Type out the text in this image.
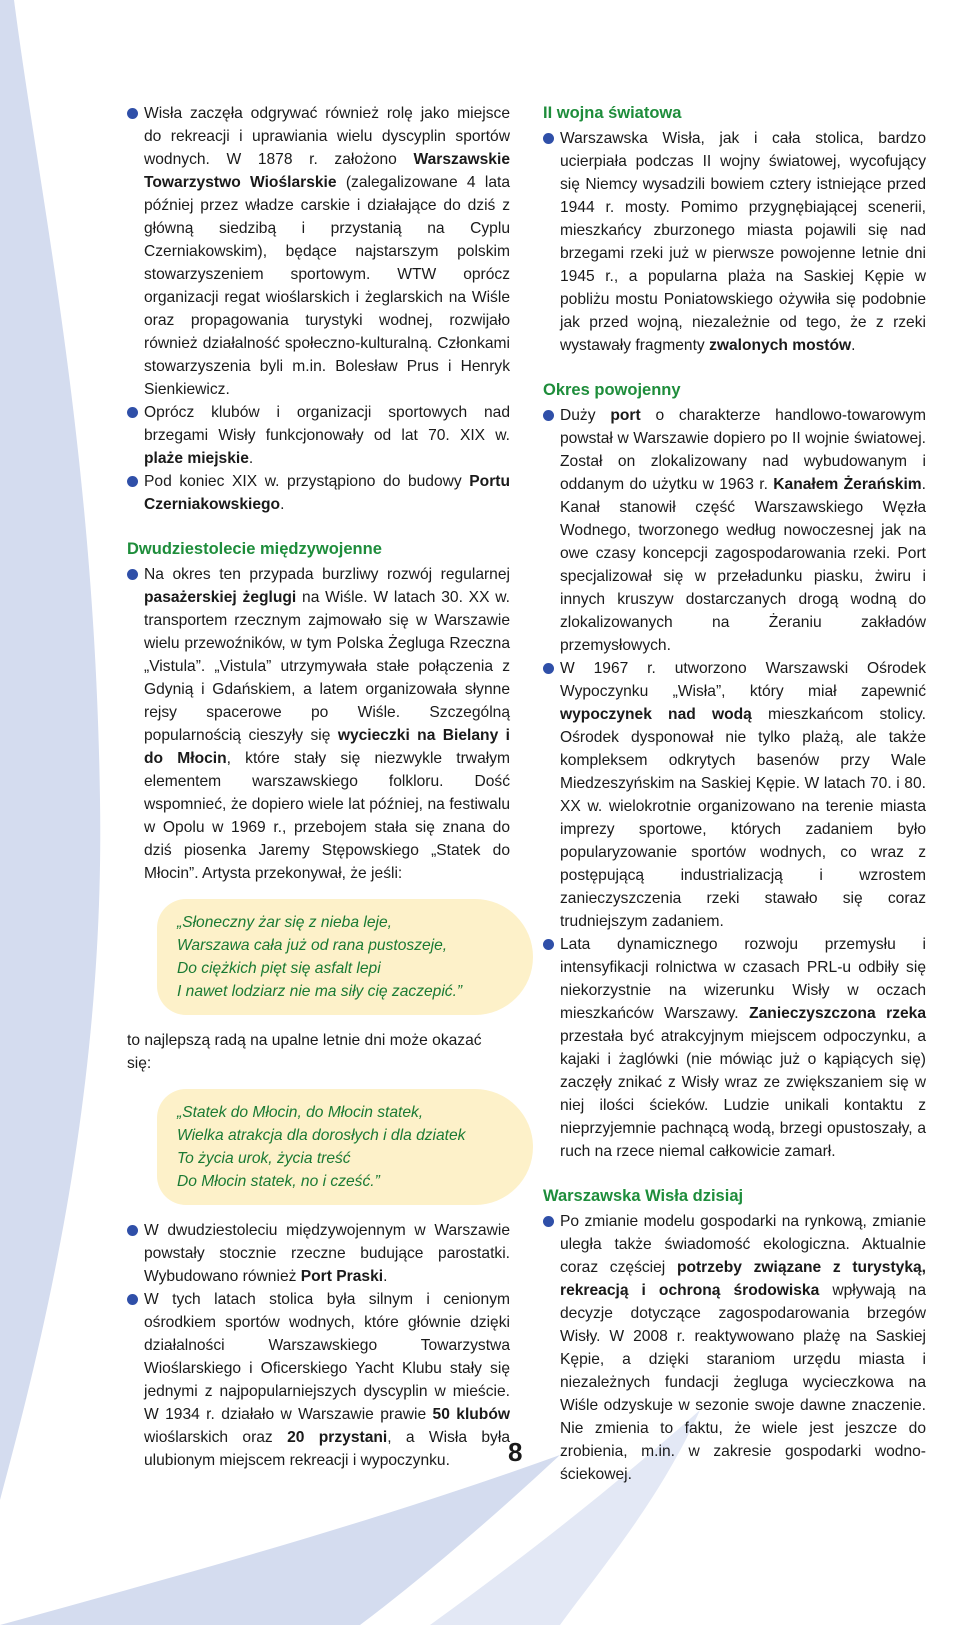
Wisła zaczęła odgrywać również rolę jako miejsce do rekreacji i uprawiania wielu dyscyplin sportów wodnych. W 1878 r. założono Warszawskie Towarzystwo Wioślarskie (zalegalizowane 4 lata później przez władze carskie i działające do dziś z główną siedzibą i przystanią na Cyplu Czerniakowskim), będące najstarszym polskim stowarzyszeniem sportowym. WTW oprócz organizacji regat wioślarskich i żeglarskich na Wiśle oraz propagowania turystyki wodnej, rozwijało również działalność społeczno-kulturalną. Członkami stowarzyszenia byli m.in. Bolesław Prus i Henryk Sienkiewicz.
Oprócz klubów i organizacji sportowych nad brzegami Wisły funkcjonowały od lat 70. XIX w. plaże miejskie.
Pod koniec XIX w. przystąpiono do budowy Portu Czerniakowskiego.
Dwudziestolecie międzywojenne
Na okres ten przypada burzliwy rozwój regularnej pasażerskiej żeglugi na Wiśle. W latach 30. XX w. transportem rzecznym zajmowało się w Warszawie wielu przewoźników, w tym Polska Żegluga Rzeczna „Vistula”. „Vistula” utrzymywała stałe połączenia z Gdynią i Gdańskiem, a latem organizowała słynne rejsy spacerowe po Wiśle. Szczególną popularnością cieszyły się wycieczki na Bielany i do Młocin, które stały się niezwykle trwałym elementem warszawskiego folkloru. Dość wspomnieć, że dopiero wiele lat później, na festiwalu w Opolu w 1969 r., przebojem stała się znana do dziś piosenka Jaremy Stępowskiego „Statek do Młocin”. Artysta przekonywał, że jeśli:
„Słoneczny żar się z nieba leje,
Warszawa cała już od rana pustoszeje,
Do ciężkich pięt się asfalt lepi
I nawet lodziarz nie ma siły cię zaczepić.”
to najlepszą radą na upalne letnie dni może okazać się:
„Statek do Młocin, do Młocin statek,
Wielka atrakcja dla dorosłych i dla dziatek
To życia urok, życia treść
Do Młocin statek, no i cześć.”
W dwudziestoleciu międzywojennym w Warszawie powstały stocznie rzeczne budujące parostatki. Wybudowano również Port Praski.
W tych latach stolica była silnym i cenionym ośrodkiem sportów wodnych, które głównie dzięki działalności Warszawskiego Towarzystwa Wioślarskiego i Oficerskiego Yacht Klubu stały się jednymi z najpopularniejszych dyscyplin w mieście. W 1934 r. działało w Warszawie prawie 50 klubów wioślarskich oraz 20 przystani, a Wisła była ulubionym miejscem rekreacji i wypoczynku.
II wojna światowa
Warszawska Wisła, jak i cała stolica, bardzo ucierpiała podczas II wojny światowej, wycofujący się Niemcy wysadzili bowiem cztery istniejące przed 1944 r. mosty. Pomimo przygnębiającej scenerii, mieszkańcy zburzonego miasta pojawili się nad brzegami rzeki już w pierwsze powojenne letnie dni 1945 r., a popularna plaża na Saskiej Kępie w pobliżu mostu Poniatowskiego ożywiła się podobnie jak przed wojną, niezależnie od tego, że z rzeki wystawały fragmenty zwalonych mostów.
Okres powojenny
Duży port o charakterze handlowo-towarowym powstał w Warszawie dopiero po II wojnie światowej. Został on zlokalizowany nad wybudowanym i oddanym do użytku w 1963 r. Kanałem Żerańskim. Kanał stanowił część Warszawskiego Węzła Wodnego, tworzonego według nowoczesnej jak na owe czasy koncepcji zagospodarowania rzeki. Port specjalizował się w przeładunku piasku, żwiru i innych kruszyw dostarczanych drogą wodną do zlokalizowanych na Żeraniu zakładów przemysłowych.
W 1967 r. utworzono Warszawski Ośrodek Wypoczynku „Wisła”, który miał zapewnić wypoczynek nad wodą mieszkańcom stolicy. Ośrodek dysponował nie tylko plażą, ale także kompleksem odkrytych basenów przy Wale Miedzeszyńskim na Saskiej Kępie. W latach 70. i 80. XX w. wielokrotnie organizowano na terenie miasta imprezy sportowe, których zadaniem było popularyzowanie sportów wodnych, co wraz z postępującą industrializacją i wzrostem zanieczyszczenia rzeki stawało się coraz trudniejszym zadaniem.
Lata dynamicznego rozwoju przemysłu i intensyfikacji rolnictwa w czasach PRL-u odbiły się niekorzystnie na wizerunku Wisły w oczach mieszkańców Warszawy. Zanieczyszczona rzeka przestała być atrakcyjnym miejscem odpoczynku, a kajaki i żaglówki (nie mówiąc już o kąpiących się) zaczęły znikać z Wisły wraz ze zwiększaniem się w niej ilości ścieków. Ludzie unikali kontaktu z nieprzyjemnie pachnącą wodą, brzegi opustoszały, a ruch na rzece niemal całkowicie zamarł.
Warszawska Wisła dzisiaj
Po zmianie modelu gospodarki na rynkową, zmianie uległa także świadomość ekologiczna. Aktualnie coraz częściej potrzeby związane z turystyką, rekreacją i ochroną środowiska wpływają na decyzje dotyczące zagospodarowania brzegów Wisły. W 2008 r. reaktywowano plażę na Saskiej Kępie, a dzięki staraniom urzędu miasta i niezależnych fundacji żegluga wycieczkowa na Wiśle odzyskuje w sezonie swoje dawne znaczenie. Nie zmienia to faktu, że wiele jest jeszcze do zrobienia, m.in. w zakresie gospodarki wodno-ściekowej.
8
